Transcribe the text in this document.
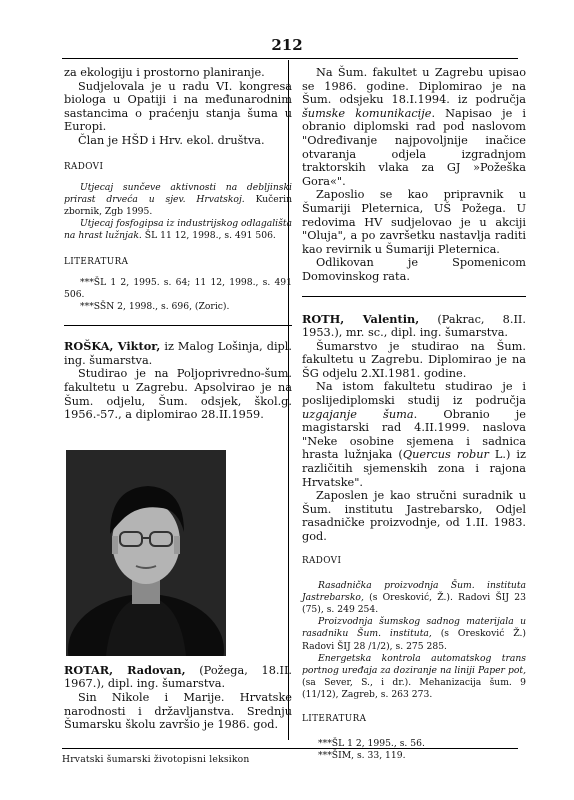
212

za ekologiju i prostorno planiranje.

Sudjelovala je u radu VI. kongresa biologa u Opatiji i na međunarodnim sastancima o praćenju stanja šuma u Europi.

Član je HŠD i Hrv. ekol. društva.

RADOVI

Utjecaj sunčeve aktivnosti na debljinski prirast drveća u sjev. Hrvatskoj. Kučerin zbornik, Zgb 1995.

Utjecaj fosfogipsa iz industrijskog odlagališta na hrast lužnjak. ŠL 11 12, 1998., s. 491 506.

LITERATURA

***ŠL 1 2, 1995. s. 64; 11 12, 1998., s. 491 506.

***SŠN 2, 1998., s. 696, (Zoric).

ROŠKA, Viktor, iz Malog Lošinja, dipl. ing. šumarstva.

Studirao je na Poljoprivredno-šum. fakultetu u Zagrebu. Apsolvirao je na Šum. odjelu, Šum. odsjek, škol.g. 1956.-57., a diplomirao 28.II.1959.

ROTAR, Radovan, (Požega, 18.II. 1967.), dipl. ing. šumarstva.

Sin Nikole i Marije. Hrvatske narodnosti i državljanstva. Srednju Šumarsku školu završio je 1986. god.

Na Šum. fakultet u Zagrebu upisao se 1986. godine. Diplomirao je na Šum. odsjeku 18.I.1994. iz područja šumske komunikacije. Napisao je i obranio diplomski rad pod naslovom "Određivanje najpovoljnije inačice otvaranja odjela izgradnjom traktorskih vlaka za GJ »Požeška Gora«".

Zaposlio se kao pripravnik u Šumariji Pleternica, UŠ Požega. U redovima HV sudjelovao je u akciji "Oluja", a po završetku nastavlja raditi kao revirnik u Šumariji Pleternica.

Odlikovan je Spomenicom Domovinskog rata.

ROTH, Valentin, (Pakrac, 8.II. 1953.), mr. sc., dipl. ing. šumarstva.

Šumarstvo je studirao na Šum. fakultetu u Zagrebu. Diplomirao je na ŠG odjelu 2.XI.1981. godine.

Na istom fakultetu studirao je i poslijediplomski studij iz područja uzgajanje šuma. Obranio je magistarski rad 4.II.1999. naslova "Neke osobine sjemena i sadnica hrasta lužnjaka (Quercus robur L.) iz različitih sjemenskih zona i rajona Hrvatske".

Zaposlen je kao stručni suradnik u Šum. institutu Jastrebarsko, Odjel rasadničke proizvodnje, od 1.II. 1983. god.

RADOVI

Rasadnička proizvodnja Šum. instituta Jastrebarsko, (s Oresković, Ž.). Radovi ŠIJ 23 (75), s. 249 254.

Proizvodnja šumskog sadnog materijala u rasadniku Šum. instituta, (s Oresković Ž.) Radovi ŠIJ 28 /1/2), s. 275 285.

Energetska kontrola automatskog trans portnog uređaja za doziranje na liniji Paper pot, (sa Sever, S., i dr.). Mehanizacija šum. 9 (11/12), Zagreb, s. 263 273.

LITERATURA

***ŠL 1 2, 1995., s. 56.

***ŠIM, s. 33, 119.

Hrvatski šumarski životopisni leksikon
